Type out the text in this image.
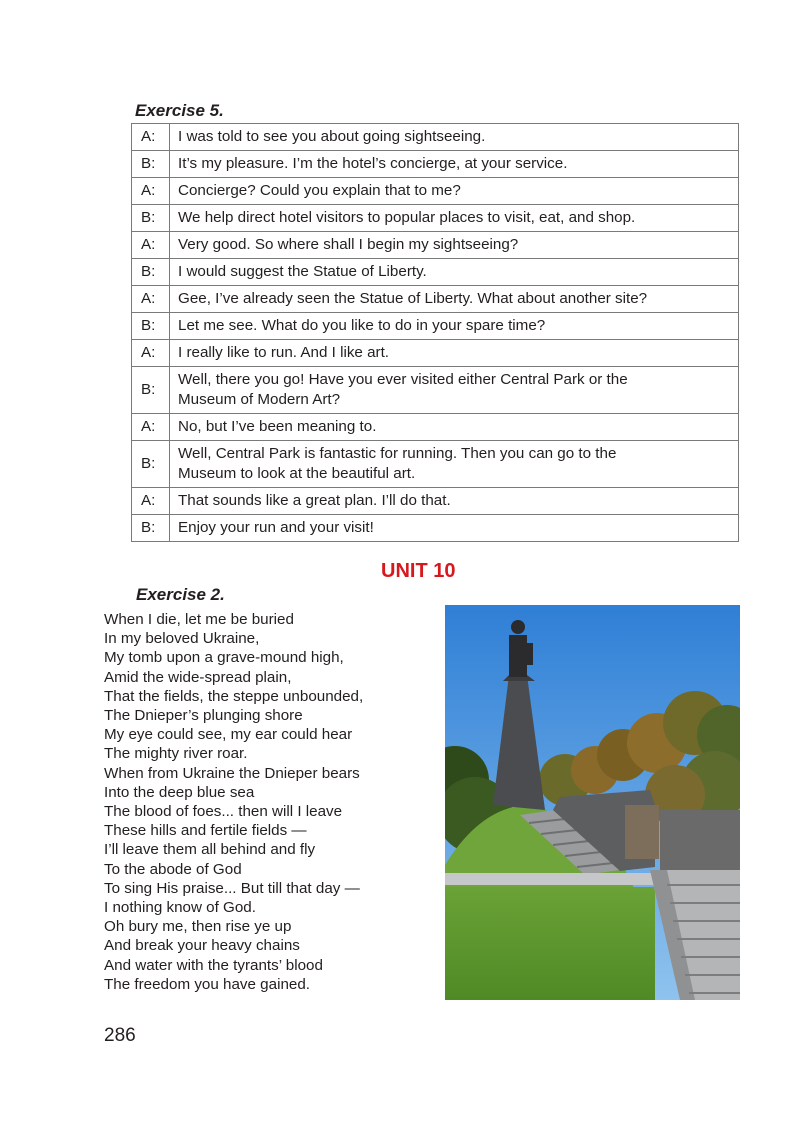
Exercise 5.
A:	I was told to see you about going sightseeing.
B:	It’s my pleasure. I’m the hotel’s concierge, at your service.
A:	Concierge? Could you explain that to me?
B:	We help direct hotel visitors to popular places to visit, eat, and shop.
A:	Very good. So where shall I begin my sightseeing?
B:	I would suggest the Statue of Liberty.
A:	Gee, I’ve already seen the Statue of Liberty. What about another site?
B:	Let me see. What do you like to do in your spare time?
A:	I really like to run. And I like art.
B:	Well, there you go! Have you ever visited either Central Park or the
Museum of Modern Art?
A:	No, but I’ve been meaning to.
B:	Well, Central Park is fantastic for running. Then you can go to the
Museum to look at the beautiful art.
A:	That sounds like a great plan. I’ll do that.
B:	Enjoy your run and your visit!
UNIT 10
Exercise 2.
When I die, let me be buried
In my beloved Ukraine,
My tomb upon a grave-mound high,
Amid the wide-spread plain,
That the fields, the steppe unbounded,
The Dnieper’s plunging shore
My eye could see, my ear could hear
The mighty river roar.
When from Ukraine the Dnieper bears
Into the deep blue sea
The blood of foes... then will I leave
These hills and fertile fields —
I’ll leave them all behind and fly
To the abode of God
To sing His praise... But till that day —
I nothing know of God.
Oh bury me, then rise ye up
And break your heavy chains
And water with the tyrants’ blood
The freedom you have gained.

286
